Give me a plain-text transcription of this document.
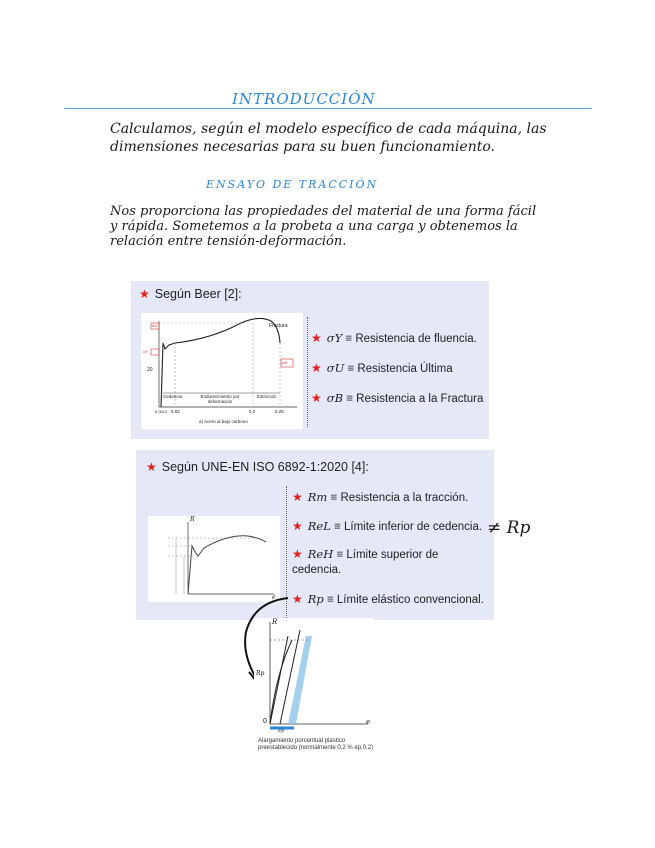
INTRODUCCIÓN
Calculamos, según el modelo específico de cada máquina, las dimensiones necesarias para su buen funcionamiento.
ENSAYO DE TRACCIÓN
Nos proporciona las propiedades del material de una forma fácil y rápida. Sometemos a la probeta a una carga y obtenemos la relación entre tensión-deformación.
★ Según Beer [2]:
Fractura
σU
σB
σY
20
Cedencia	Endurecimiento por deformación
Estricción
0.02	0.2	0.25
0.0012
a) Acero al bajo carbono
★ σY ≡ Resistencia de fluencia.
★ σU ≡ Resistencia Última
★ σB ≡ Resistencia a la Fractura
★ Según UNE-EN ISO 6892-1:2020 [4]:
R
e
★ Rm ≡ Resistencia a la tracción.
★ ReL ≡ Límite inferior de cedencia.
★ ReH ≡ Límite superior de cedencia.
★ Rp ≡ Límite elástico convencional.
≠ Rp
R
e
Rp
0
ep
Alargamiento porcentual plástico preestablecido (normalmente 0,2 % ep,0,2)
